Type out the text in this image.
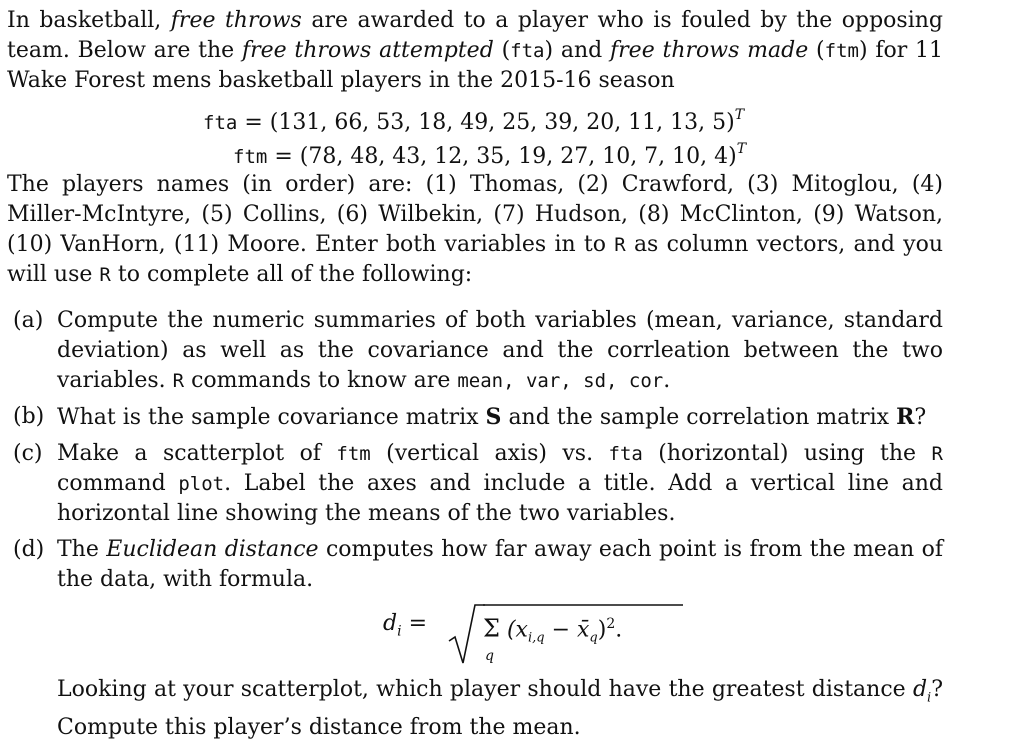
In basketball, free throws are awarded to a player who is fouled by the opposing team. Below are the free throws attempted (fta) and free throws made (ftm) for 11 Wake Forest mens basketball players in the 2015-16 season

fta = (131, 66, 53, 18, 49, 25, 39, 20, 11, 13, 5)$^T$
ftm = (78, 48, 43, 12, 35, 19, 27, 10, 7, 10, 4)$^T$

The players names (in order) are: (1) Thomas, (2) Crawford, (3) Mitoglou, (4) Miller-McIntyre, (5) Collins, (6) Wilbekin, (7) Hudson, (8) McClinton, (9) Watson, (10) VanHorn, (11) Moore. Enter both variables in to R as column vectors, and you will use R to complete all of the following:

(a) Compute the numeric summaries of both variables (mean, variance, standard deviation) as well as the covariance and the corrleation between the two variables. R commands to know are mean, var, sd, cor.

(b) What is the sample covariance matrix S and the sample correlation matrix R?

(c) Make a scatterplot of ftm (vertical axis) vs. fta (horizontal) using the R command plot. Label the axes and include a title. Add a vertical line and horizontal line showing the means of the two variables.

(d) The Euclidean distance computes how far away each point is from the mean of the data, with formula.

$d_i = \Sigma$ ($x_{i,q}$ − $x̄_q)^2$.
q

Looking at your scatterplot, which player should have the greatest distance $d_i$? Compute this player’s distance from the mean.
